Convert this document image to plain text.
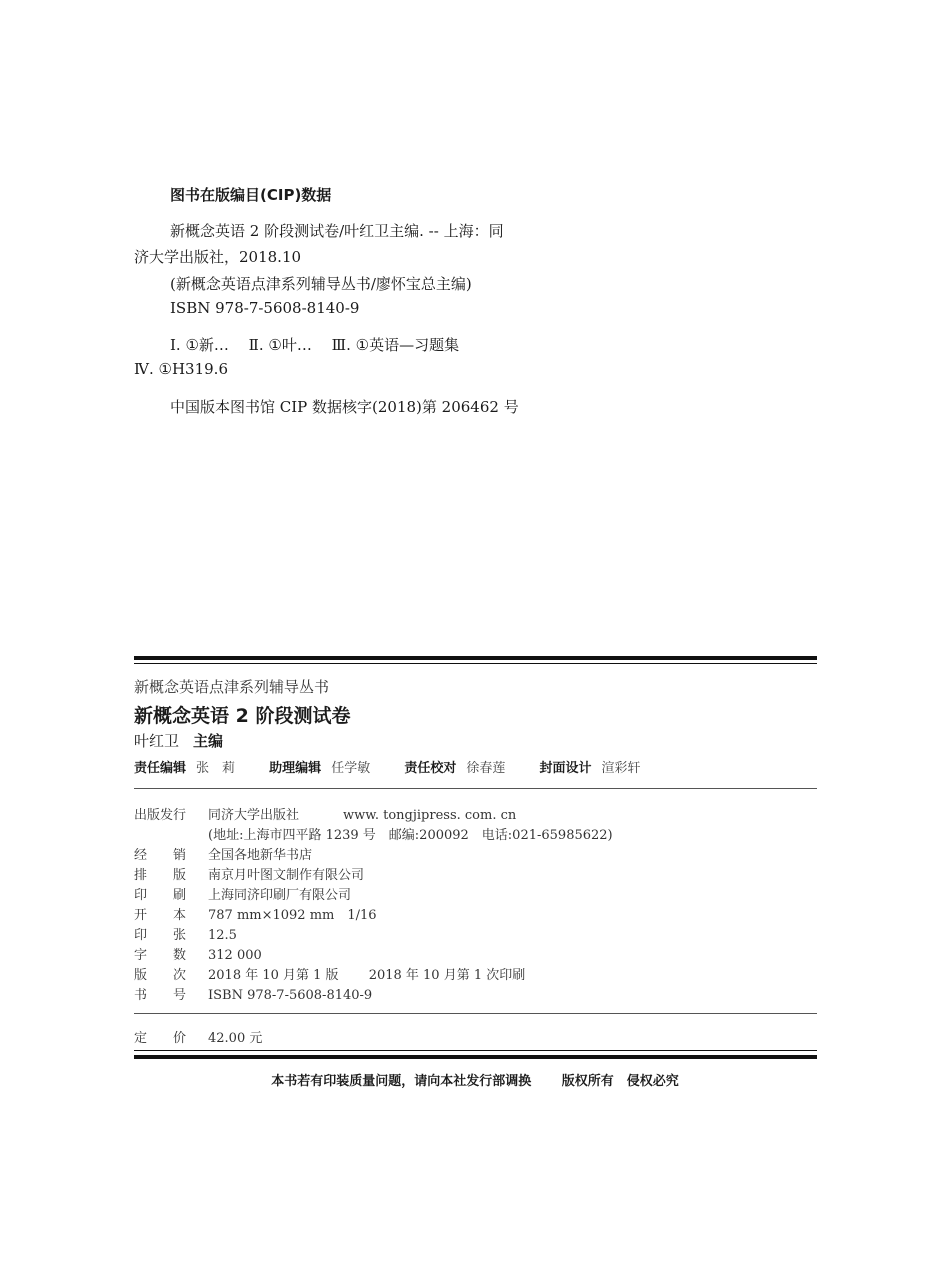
图书在版编目(CIP)数据
新概念英语 2 阶段测试卷/叶红卫主编. -- 上海：同
济大学出版社，2018.10
(新概念英语点津系列辅导丛书/廖怀宝总主编)
ISBN 978-7-5608-8140-9
Ⅰ. ①新…　 Ⅱ. ①叶…　 Ⅲ. ①英语—习题集
Ⅳ. ①H319.6
中国版本图书馆 CIP 数据核字(2018)第 206462 号
新概念英语点津系列辅导丛书
新概念英语 2 阶段测试卷
叶红卫 主编
责任编辑 张　莉	助理编辑 任学敏	责任校对 徐春莲	封面设计 渲彩轩
出版发行 同济大学出版社	www. tongjipress. com. cn
(地址:上海市四平路 1239 号　邮编:200092　电话:021-65985622)
经　　销 全国各地新华书店
排　　版 南京月叶图文制作有限公司
印　　刷 上海同济印刷厂有限公司
开　　本 787 mm×1092 mm　1/16
印　　张 12.5
字　　数 312 000
版　　次 2018 年 10 月第 1 版　　 2018 年 10 月第 1 次印刷
书　　号 ISBN 978-7-5608-8140-9
定　　价 42.00 元
本书若有印装质量问题，请向本社发行部调换　　 版权所有　侵权必究
